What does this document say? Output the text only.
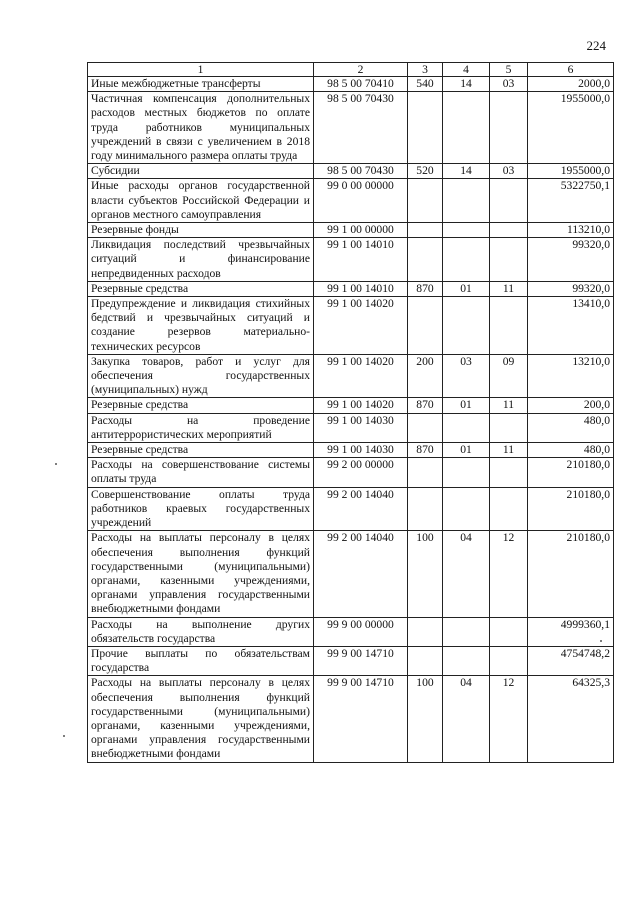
224
1	2	3	4	5	6
Иные межбюджетные трансферты	98 5 00 70410	540	14	03	2000,0
Частичная компенсация дополнительных расходов местных бюджетов по оплате труда работников муниципальных учреждений в связи с увеличением в 2018 году минимального размера оплаты труда	98 5 00 70430				1955000,0
Субсидии	98 5 00 70430	520	14	03	1955000,0
Иные расходы органов государственной власти субъектов Российской Федерации и органов местного самоуправления	99 0 00 00000				5322750,1
Резервные фонды	99 1 00 00000				113210,0
Ликвидация последствий чрезвычайных ситуаций и финансирование непредвиденных расходов	99 1 00 14010				99320,0
Резервные средства	99 1 00 14010	870	01	11	99320,0
Предупреждение и ликвидация стихийных бедствий и чрезвычайных ситуаций и создание резервов материально-технических ресурсов	99 1 00 14020				13410,0
Закупка товаров, работ и услуг для обеспечения государственных (муниципальных) нужд	99 1 00 14020	200	03	09	13210,0
Резервные средства	99 1 00 14020	870	01	11	200,0
Расходы на проведение антитеррористических мероприятий	99 1 00 14030				480,0
Резервные средства	99 1 00 14030	870	01	11	480,0
Расходы на совершенствование системы оплаты труда	99 2 00 00000				210180,0
Совершенствование оплаты труда работников краевых государственных учреждений	99 2 00 14040				210180,0
Расходы на выплаты персоналу в целях обеспечения выполнения функций государственными (муниципальными) органами, казенными учреждениями, органами управления государственными внебюджетными фондами	99 2 00 14040	100	04	12	210180,0
Расходы на выполнение других обязательств государства	99 9 00 00000				4999360,1
Прочие выплаты по обязательствам государства	99 9 00 14710				4754748,2
Расходы на выплаты персоналу в целях обеспечения выполнения функций государственными (муниципальными) органами, казенными учреждениями, органами управления государственными внебюджетными фондами	99 9 00 14710	100	04	12	64325,3
